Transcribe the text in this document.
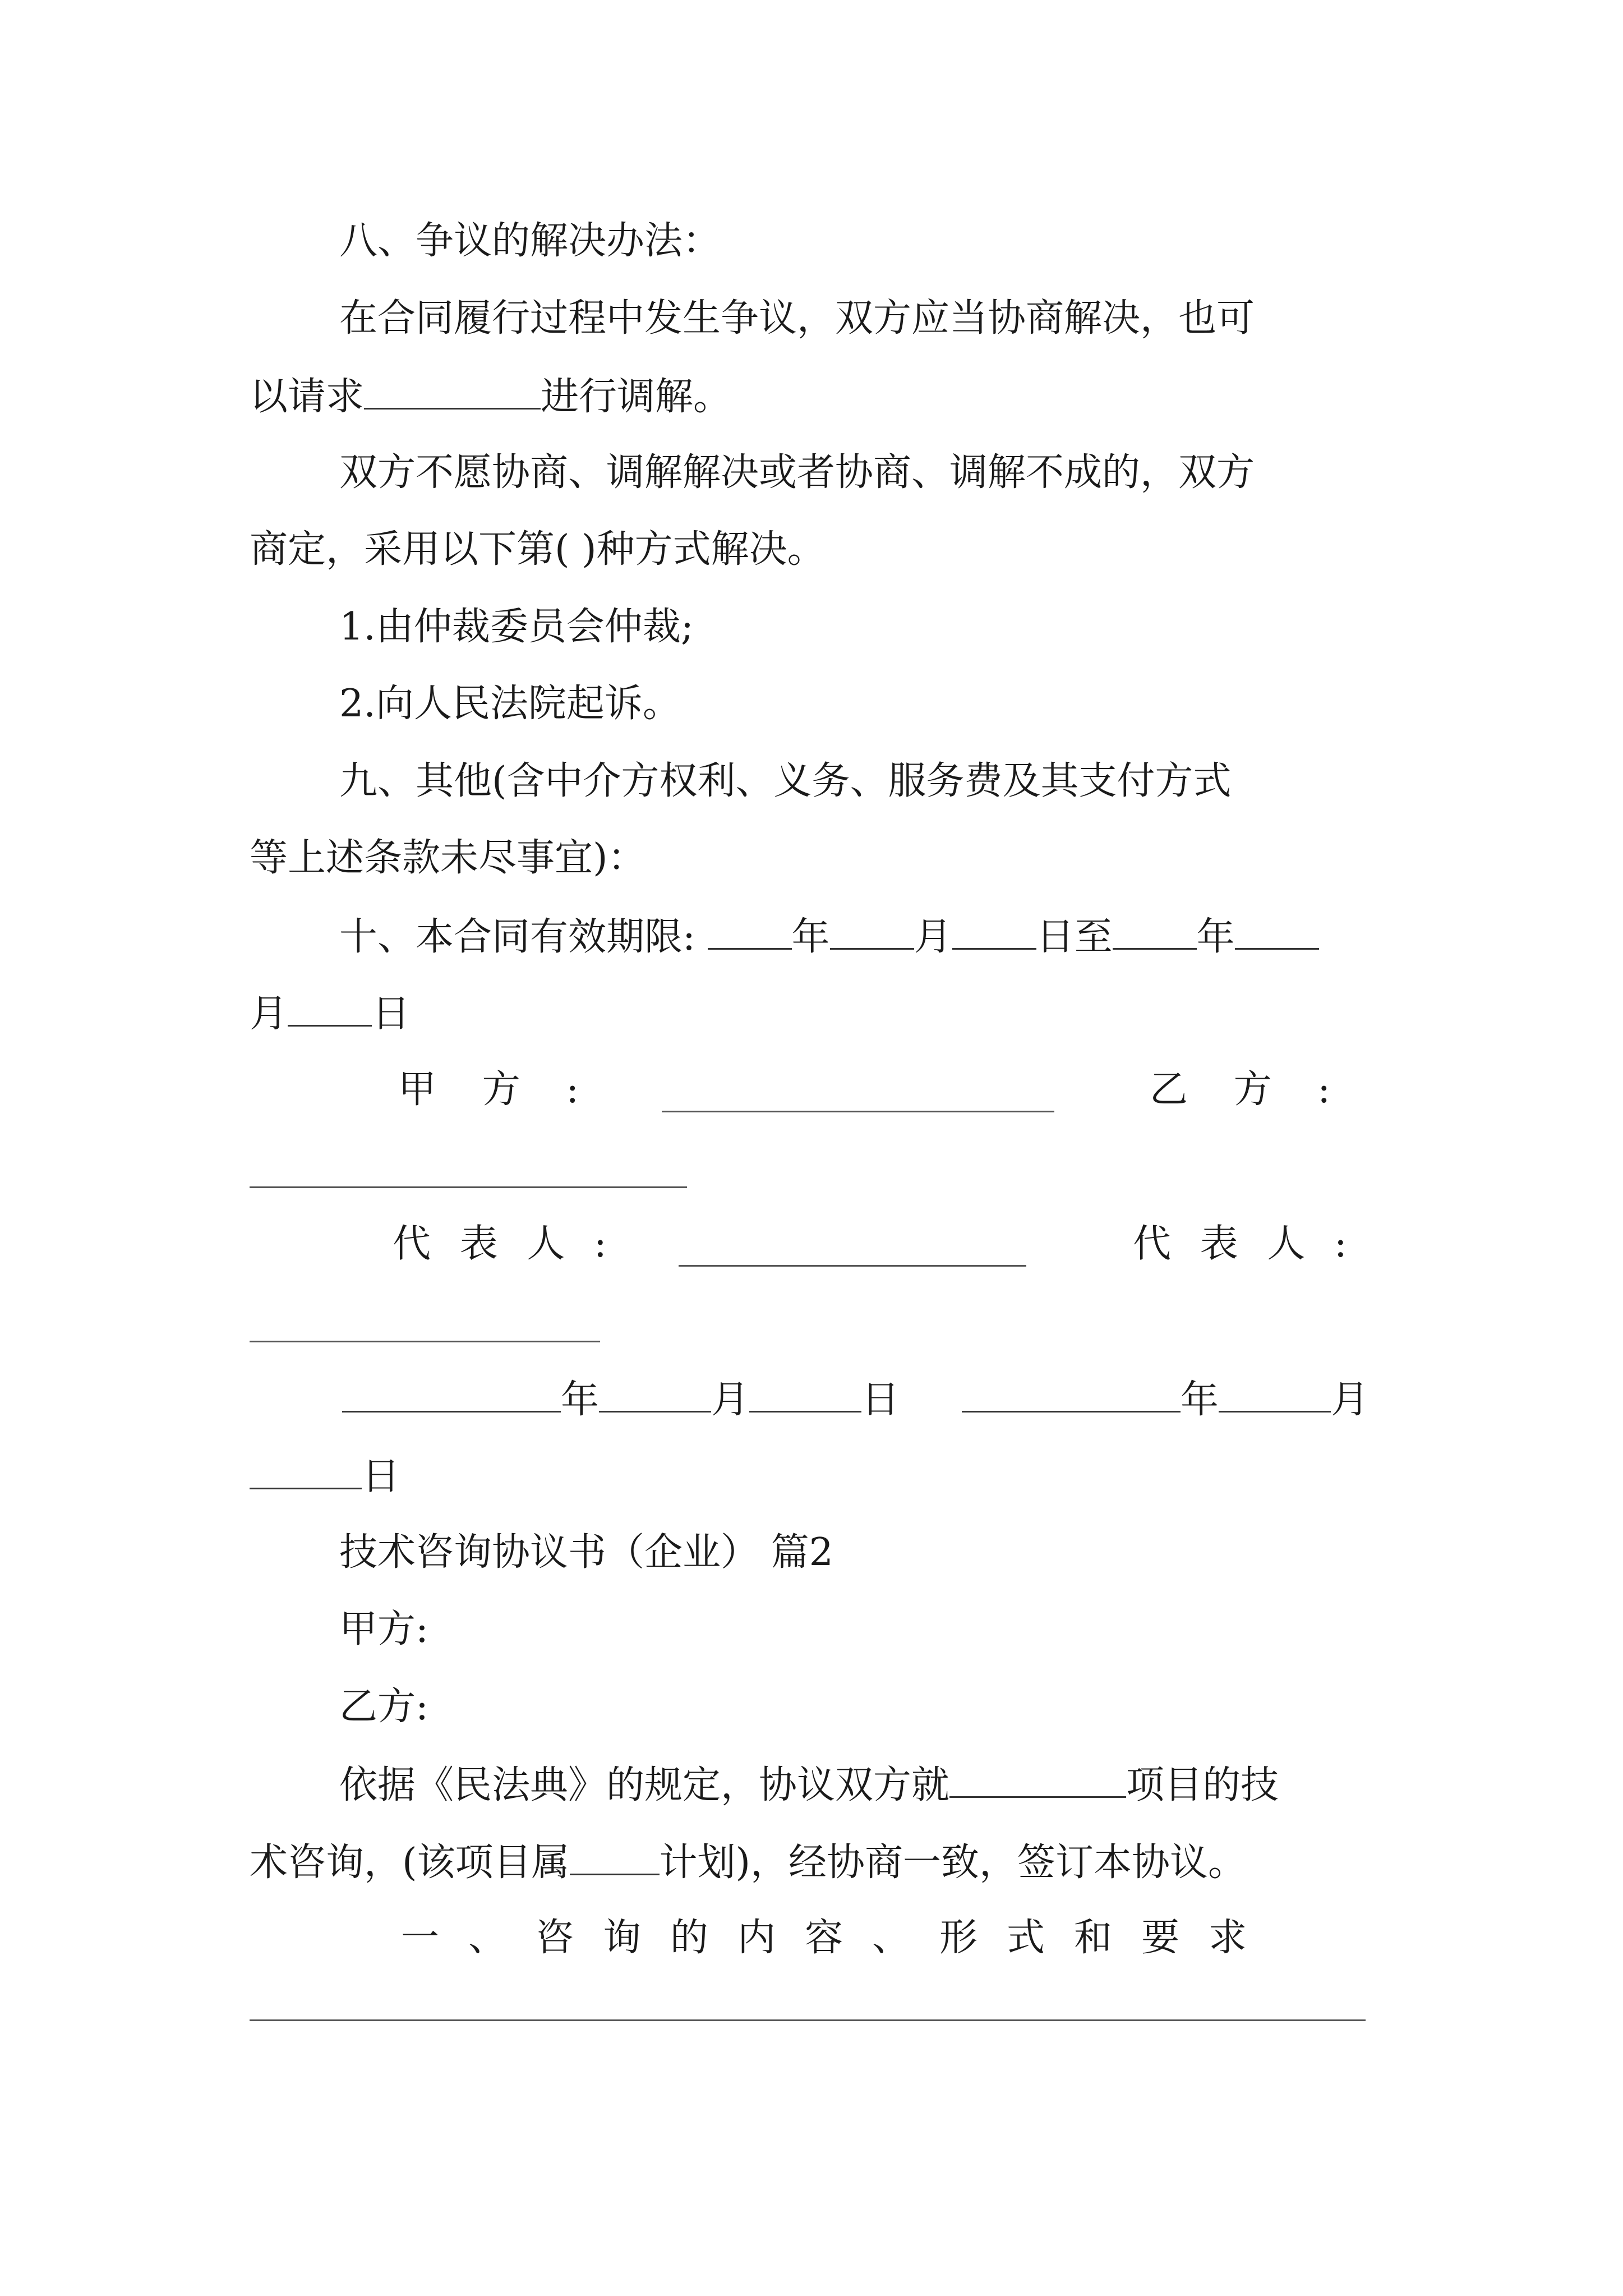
八、争议的解决办法：
在合同履行过程中发生争议，双方应当协商解决，也可
以请求	进行调解。
双方不愿协商、调解解决或者协商、调解不成的，双方
商定，采用以下第( )种方式解决。
1.由仲裁委员会仲裁;
2.向人民法院起诉。
九、其他(含中介方权利、义务、服务费及其支付方式
等上述条款未尽事宜)：
十、本合同有效期限:	年 月 日至 年
月 日
甲 方 :	乙 方 :
代 表 人 :	代 表 人 :
年	月	日	年	月
日
技术咨询协议书（企业） 篇2
甲方:
乙方:
依据《民法典》的规定，协议双方就	项目的技
术咨询，(该项目属 计划)，经协商一致，签订本协议。
一、咨询的内容、形式和要求
